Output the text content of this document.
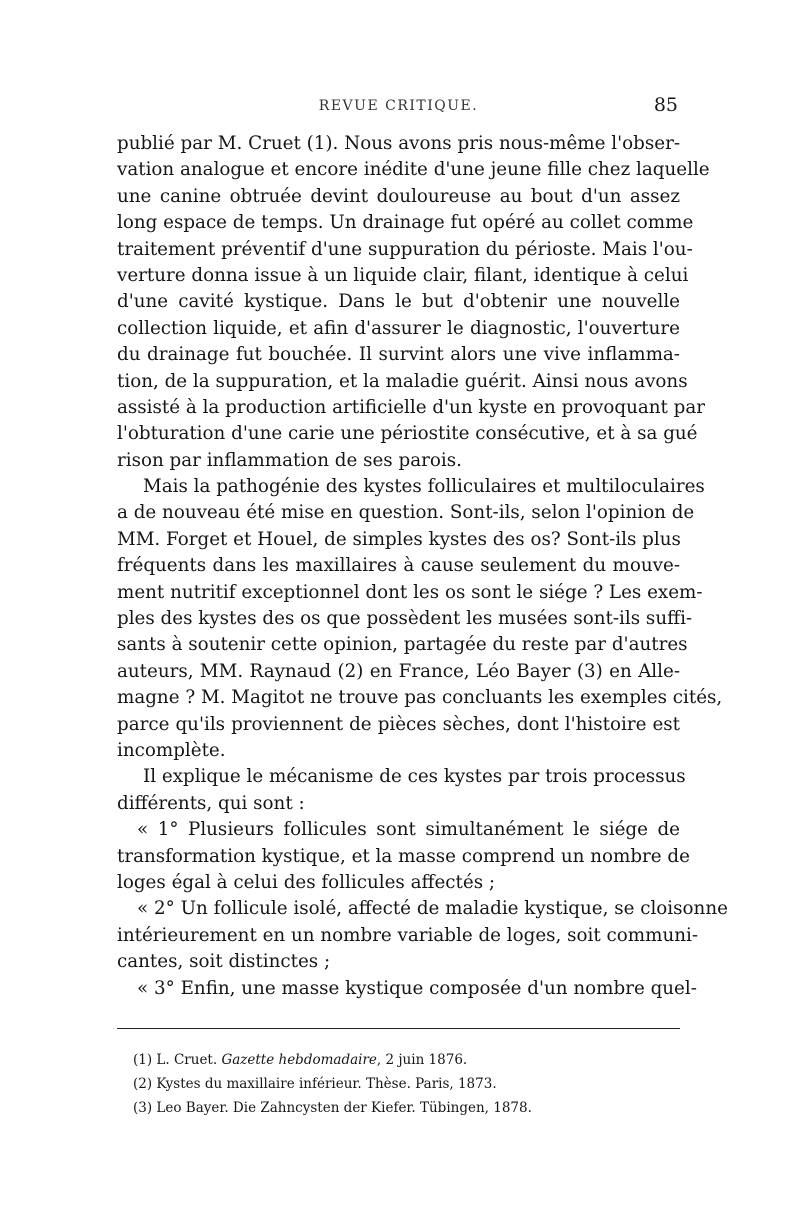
REVUE CRITIQUE.	85
publié par M. Cruet (1). Nous avons pris nous-même l'obser-
vation analogue et encore inédite d'une jeune fille chez laquelle
une canine obtruée devint douloureuse au bout d'un assez
long espace de temps. Un drainage fut opéré au collet comme
traitement préventif d'une suppuration du périoste. Mais l'ou-
verture donna issue à un liquide clair, filant, identique à celui
d'une cavité kystique. Dans le but d'obtenir une nouvelle
collection liquide, et afin d'assurer le diagnostic, l'ouverture
du drainage fut bouchée. Il survint alors une vive inflamma-
tion, de la suppuration, et la maladie guérit. Ainsi nous avons
assisté à la production artificielle d'un kyste en provoquant par
l'obturation d'une carie une périostite consécutive, et à sa gué
rison par inflammation de ses parois.
Mais la pathogénie des kystes folliculaires et multiloculaires
a de nouveau été mise en question. Sont-ils, selon l'opinion de
MM. Forget et Houel, de simples kystes des os? Sont-ils plus
fréquents dans les maxillaires à cause seulement du mouve-
ment nutritif exceptionnel dont les os sont le siége ? Les exem-
ples des kystes des os que possèdent les musées sont-ils suffi-
sants à soutenir cette opinion, partagée du reste par d'autres
auteurs, MM. Raynaud (2) en France, Léo Bayer (3) en Alle-
magne ? M. Magitot ne trouve pas concluants les exemples cités,
parce qu'ils proviennent de pièces sèches, dont l'histoire est
incomplète.
Il explique le mécanisme de ces kystes par trois processus
différents, qui sont :
« 1° Plusieurs follicules sont simultanément le siége de
transformation kystique, et la masse comprend un nombre de
loges égal à celui des follicules affectés ;
« 2° Un follicule isolé, affecté de maladie kystique, se cloisonne
intérieurement en un nombre variable de loges, soit communi-
cantes, soit distinctes ;
« 3° Enfin, une masse kystique composée d'un nombre quel-
(1) L. Cruet. Gazette hebdomadaire, 2 juin 1876.
(2) Kystes du maxillaire inférieur. Thèse. Paris, 1873.
(3) Leo Bayer. Die Zahncysten der Kiefer. Tübingen, 1878.
